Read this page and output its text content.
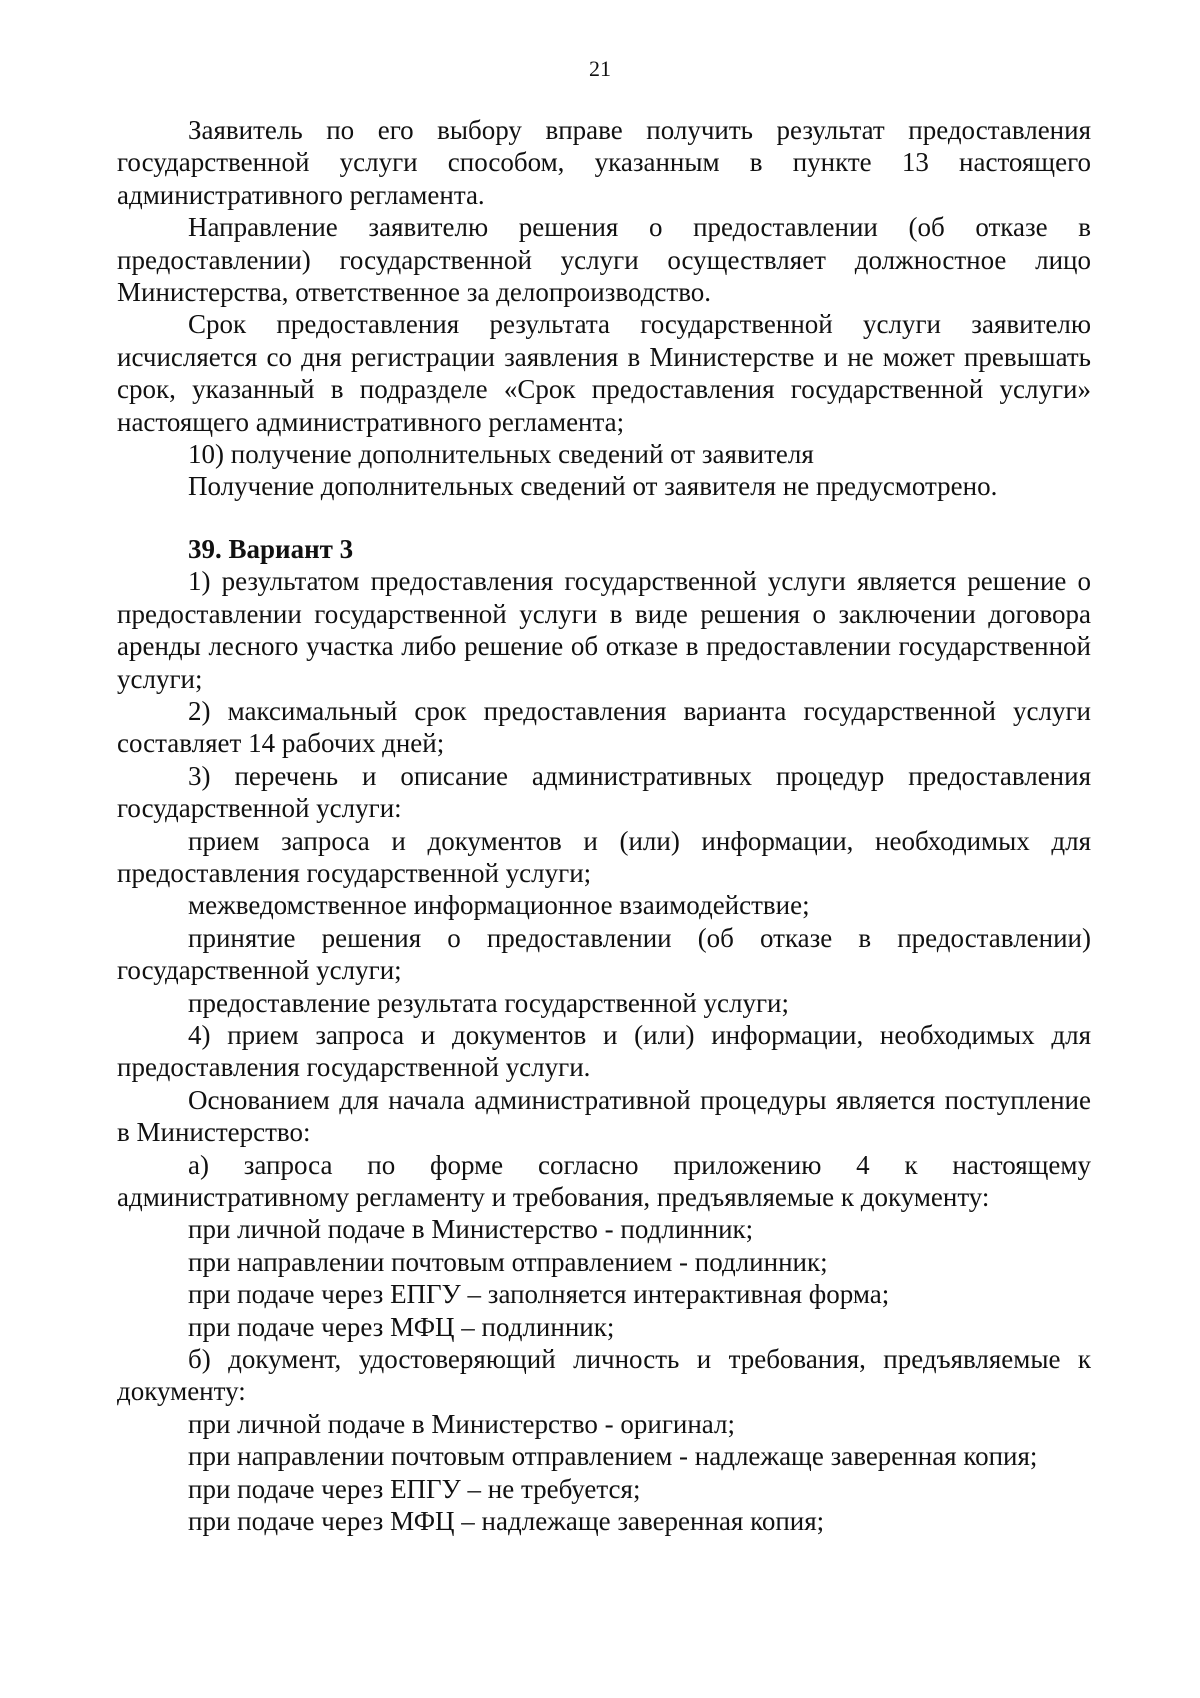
21

Заявитель по его выбору вправе получить результат предоставления государственной услуги способом, указанным в пункте 13 настоящего административного регламента.

Направление заявителю решения о предоставлении (об отказе в предоставлении) государственной услуги осуществляет должностное лицо Министерства, ответственное за делопроизводство.

Срок предоставления результата государственной услуги заявителю исчисляется со дня регистрации заявления в Министерстве и не может превышать срок, указанный в подразделе «Срок предоставления государственной услуги» настоящего административного регламента;

10) получение дополнительных сведений от заявителя

Получение дополнительных сведений от заявителя не предусмотрено.

39. Вариант 3

1) результатом предоставления государственной услуги является решение о предоставлении государственной услуги в виде решения о заключении договора аренды лесного участка либо решение об отказе в предоставлении государственной услуги;

2) максимальный срок предоставления варианта государственной услуги составляет 14 рабочих дней;

3) перечень и описание административных процедур предоставления государственной услуги:

прием запроса и документов и (или) информации, необходимых для предоставления государственной услуги;

межведомственное информационное взаимодействие;

принятие решения о предоставлении (об отказе в предоставлении) государственной услуги;

предоставление результата государственной услуги;

4) прием запроса и документов и (или) информации, необходимых для предоставления государственной услуги.

Основанием для начала административной процедуры является поступление в Министерство:

а) запроса по форме согласно приложению 4 к настоящему административному регламенту и требования, предъявляемые к документу:

при личной подаче в Министерство - подлинник;

при направлении почтовым отправлением - подлинник;

при подаче через ЕПГУ – заполняется интерактивная форма;

при подаче через МФЦ – подлинник;

б) документ, удостоверяющий личность и требования, предъявляемые к документу:

при личной подаче в Министерство - оригинал;

при направлении почтовым отправлением - надлежаще заверенная копия;

при подаче через ЕПГУ – не требуется;

при подаче через МФЦ – надлежаще заверенная копия;
